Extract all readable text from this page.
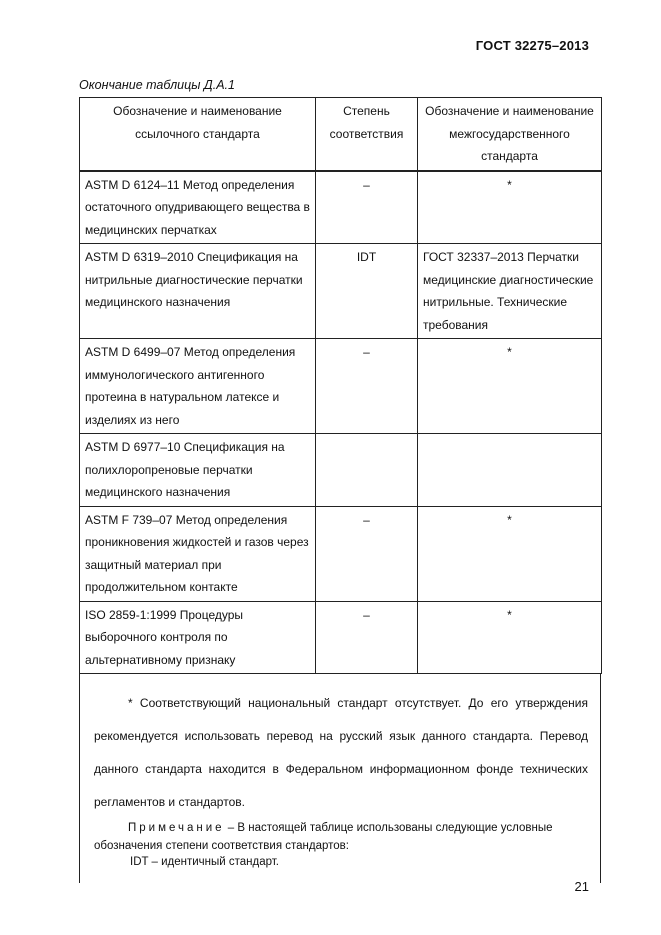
ГОСТ 32275–2013
Окончание таблицы Д.А.1
Обозначение и наименование ссылочного стандарта	Степень соответствия	Обозначение и наименование межгосударственного стандарта
ASTM D 6124–11 Метод определения остаточного опудривающего вещества в медицинских перчатках	–	*
ASTM D 6319–2010 Спецификация на нитрильные диагностические перчатки медицинского назначения	IDT	ГОСТ 32337–2013 Перчатки медицинские диагностические нитрильные. Технические требования
ASTM D 6499–07 Метод определения иммунологического антигенного протеина в натуральном латексе и изделиях из него	–	*
ASTM D 6977–10 Спецификация на полихлоропреновые перчатки медицинского назначения		
ASTM F 739–07 Метод определения проникновения жидкостей и газов через защитный материал при продолжительном контакте	–	*
ISO 2859-1:1999 Процедуры выборочного контроля по альтернативному признаку	–	*
* Соответствующий национальный стандарт отсутствует. До его утверждения рекомендуется использовать перевод на русский язык данного стандарта. Перевод данного стандарта находится в Федеральном информационном фонде технических регламентов и стандартов.
Примечание – В настоящей таблице использованы следующие условные обозначения степени соответствия стандартов:
IDT – идентичный стандарт.
21
